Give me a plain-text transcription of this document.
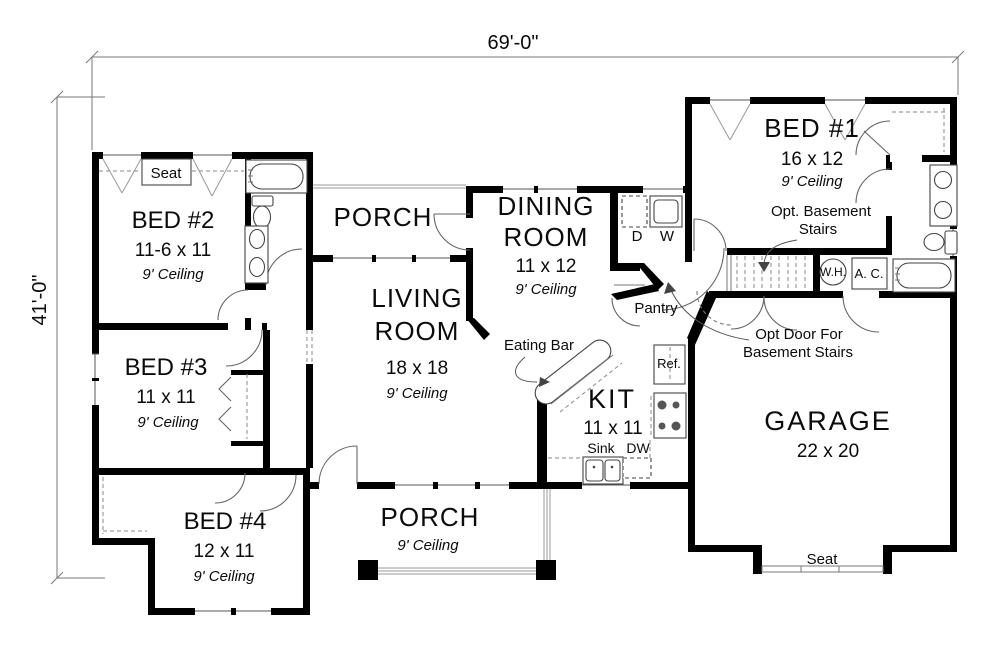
69'-0"
41'-0"
BED #2
11-6 x 11
9' Ceiling
Seat
PORCH	DINING
ROOM
11 x 12
9' Ceiling
BED #1
16 x 12
9' Ceiling
Opt. Basement
Stairs
D W
W.H. A. C.
Pantry
Opt Door For
Basement Stairs
BED #3
11 x 11
9' Ceiling
LIVING
ROOM
18 x 18
9' Ceiling
Eating Bar
KIT
11 x 11
Sink DW
Ref.
GARAGE
22 x 20
Seat
BED #4
12 x 11
9' Ceiling
PORCH
9' Ceiling
